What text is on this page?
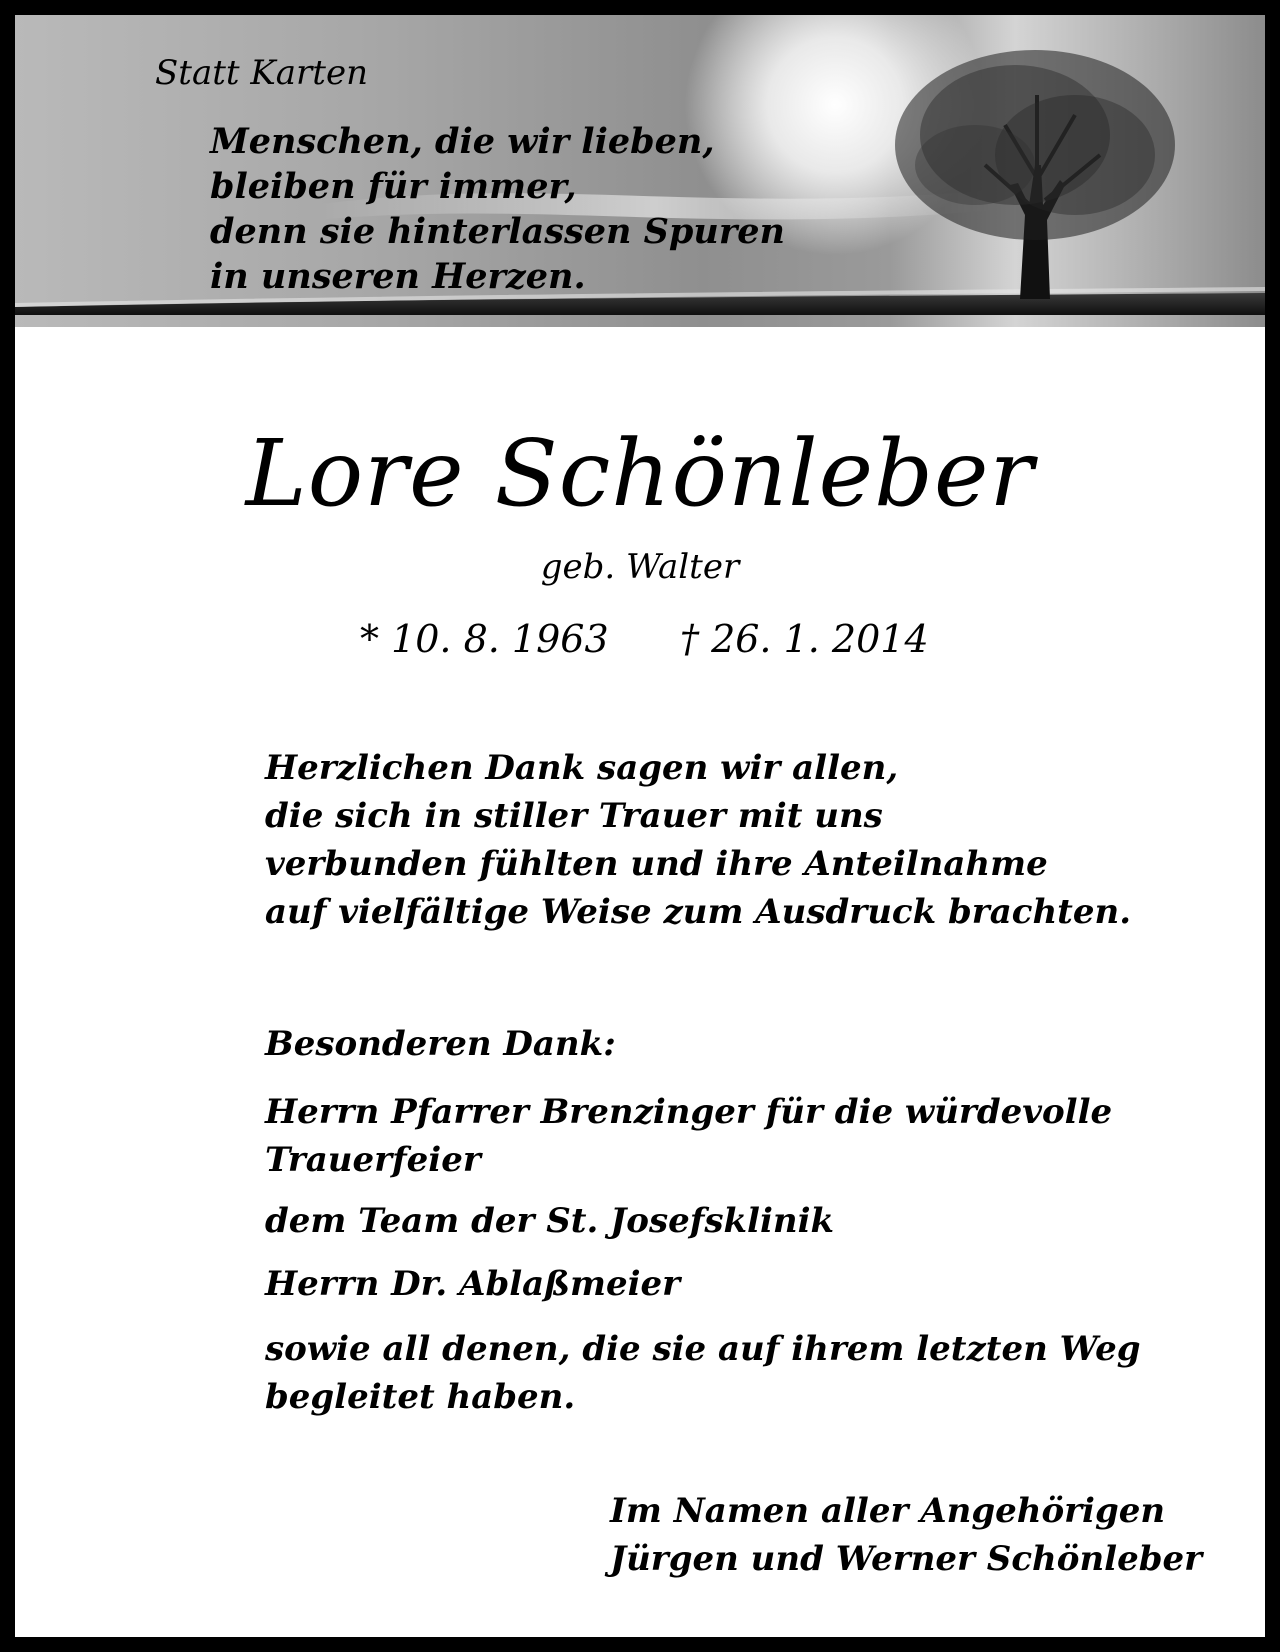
Statt Karten
Menschen, die wir lieben,
bleiben für immer,
denn sie hinterlassen Spuren
in unseren Herzen.
Lore Schönleber
geb. Walter
* 10. 8. 1963 † 26. 1. 2014
Herzlichen Dank sagen wir allen,
die sich in stiller Trauer mit uns
verbunden fühlten und ihre Anteilnahme
auf vielfältige Weise zum Ausdruck brachten.
Besonderen Dank:
Herrn Pfarrer Brenzinger für die würdevolle
Trauerfeier
dem Team der St. Josefsklinik
Herrn Dr. Ablaßmeier
sowie all denen, die sie auf ihrem letzten Weg
begleitet haben.
Im Namen aller Angehörigen
Jürgen und Werner Schönleber
